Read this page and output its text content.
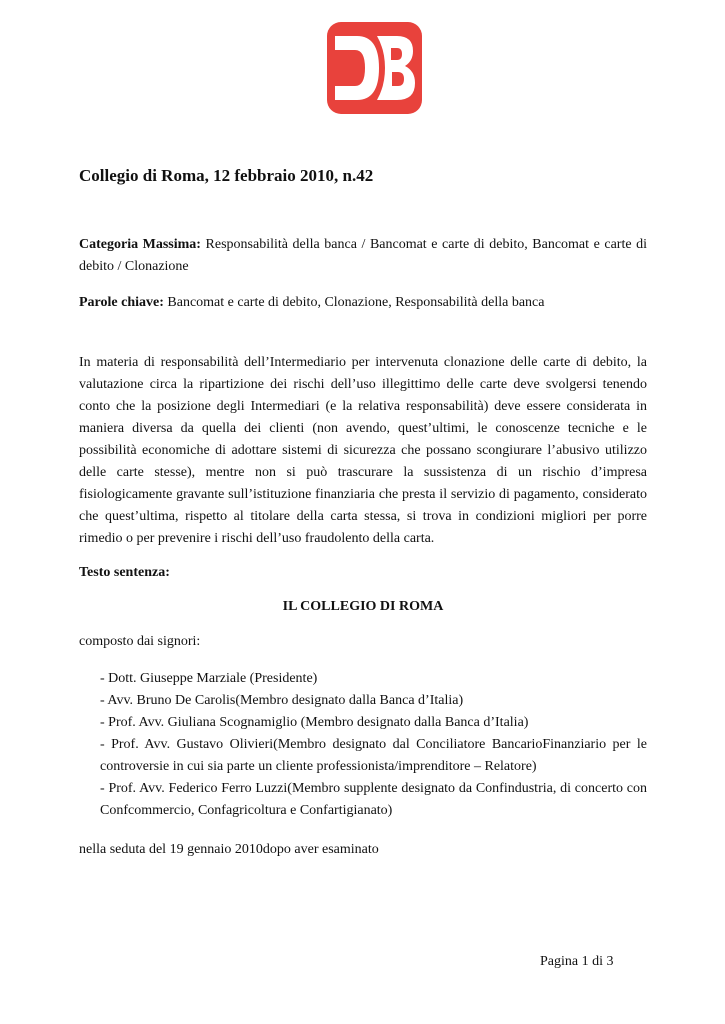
Collegio di Roma, 12 febbraio 2010, n.42
Categoria Massima: Responsabilità della banca / Bancomat e carte di debito, Bancomat e carte di debito / Clonazione
Parole chiave: Bancomat e carte di debito, Clonazione, Responsabilità della banca
In materia di responsabilità dell’Intermediario per intervenuta clonazione delle carte di debito, la valutazione circa la ripartizione dei rischi dell’uso illegittimo delle carte deve svolgersi tenendo conto che la posizione degli Intermediari (e la relativa responsabilità) deve essere considerata in maniera diversa da quella dei clienti (non avendo, quest’ultimi, le conoscenze tecniche e le possibilità economiche di adottare sistemi di sicurezza che possano scongiurare l’abusivo utilizzo delle carte stesse), mentre non si può trascurare la sussistenza di un rischio d’impresa fisiologicamente gravante sull’istituzione finanziaria che presta il servizio di pagamento, considerato che quest’ultima, rispetto al titolare della carta stessa, si trova in condizioni migliori per porre rimedio o per prevenire i rischi dell’uso fraudolento della carta.
Testo sentenza:
IL COLLEGIO DI ROMA
composto dai signori:
- Dott. Giuseppe Marziale (Presidente)
- Avv. Bruno De Carolis(Membro designato dalla Banca d’Italia)
- Prof. Avv. Giuliana Scognamiglio (Membro designato dalla Banca d’Italia)
- Prof. Avv. Gustavo Olivieri(Membro designato dal Conciliatore BancarioFinanziario per le controversie in cui sia parte un cliente professionista/imprenditore – Relatore)
- Prof. Avv. Federico Ferro Luzzi(Membro supplente designato da Confindustria, di concerto con Confcommercio, Confagricoltura e Confartigianato)
nella seduta del 19 gennaio 2010dopo aver esaminato
Pagina 1 di 3
